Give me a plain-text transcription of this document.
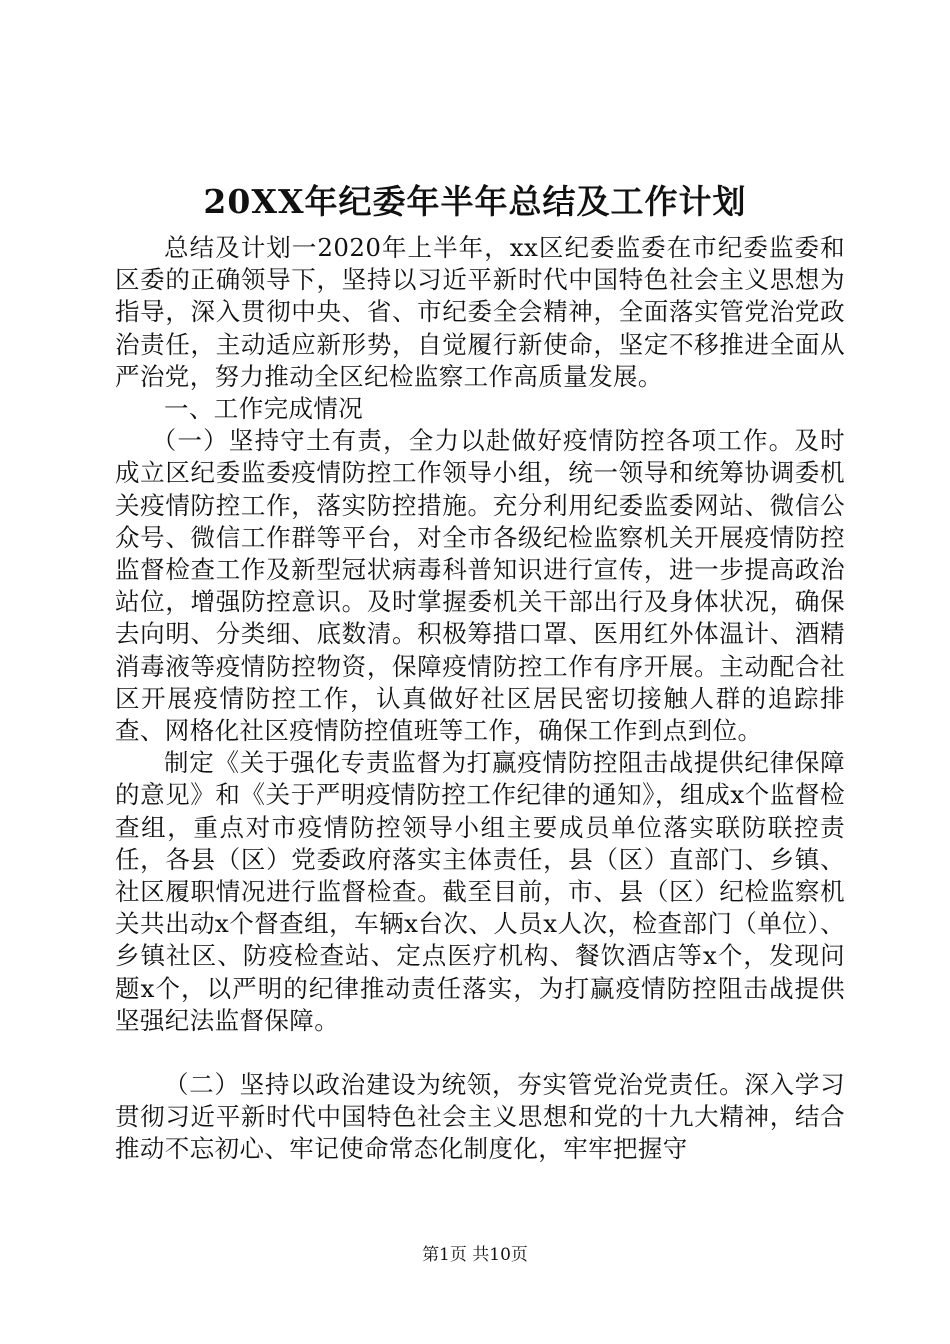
20XX年纪委年半年总结及工作计划

总结及计划一2020年上半年，xx区纪委监委在市纪委监委和区委的正确领导下，坚持以习近平新时代中国特色社会主义思想为指导，深入贯彻中央、省、市纪委全会精神，全面落实管党治党政治责任，主动适应新形势，自觉履行新使命，坚定不移推进全面从严治党，努力推动全区纪检监察工作高质量发展。

一、工作完成情况

（一）坚持守土有责，全力以赴做好疫情防控各项工作。及时成立区纪委监委疫情防控工作领导小组，统一领导和统筹协调委机关疫情防控工作，落实防控措施。充分利用纪委监委网站、微信公众号、微信工作群等平台，对全市各级纪检监察机关开展疫情防控监督检查工作及新型冠状病毒科普知识进行宣传，进一步提高政治站位，增强防控意识。及时掌握委机关干部出行及身体状况，确保去向明、分类细、底数清。积极筹措口罩、医用红外体温计、酒精消毒液等疫情防控物资，保障疫情防控工作有序开展。主动配合社区开展疫情防控工作，认真做好社区居民密切接触人群的追踪排查、网格化社区疫情防控值班等工作，确保工作到点到位。

制定《关于强化专责监督为打赢疫情防控阻击战提供纪律保障的意见》和《关于严明疫情防控工作纪律的通知》，组成x个监督检查组，重点对市疫情防控领导小组主要成员单位落实联防联控责任，各县（区）党委政府落实主体责任，县（区）直部门、乡镇、社区履职情况进行监督检查。截至目前，市、县（区）纪检监察机关共出动x个督查组，车辆x台次、人员x人次，检查部门（单位）、乡镇社区、防疫检查站、定点医疗机构、餐饮酒店等x个，发现问题x个，以严明的纪律推动责任落实，为打赢疫情防控阻击战提供坚强纪法监督保障。

（二）坚持以政治建设为统领，夯实管党治党责任。深入学习贯彻习近平新时代中国特色社会主义思想和党的十九大精神，结合推动不忘初心、牢记使命常态化制度化，牢牢把握守

第1页 共10页
